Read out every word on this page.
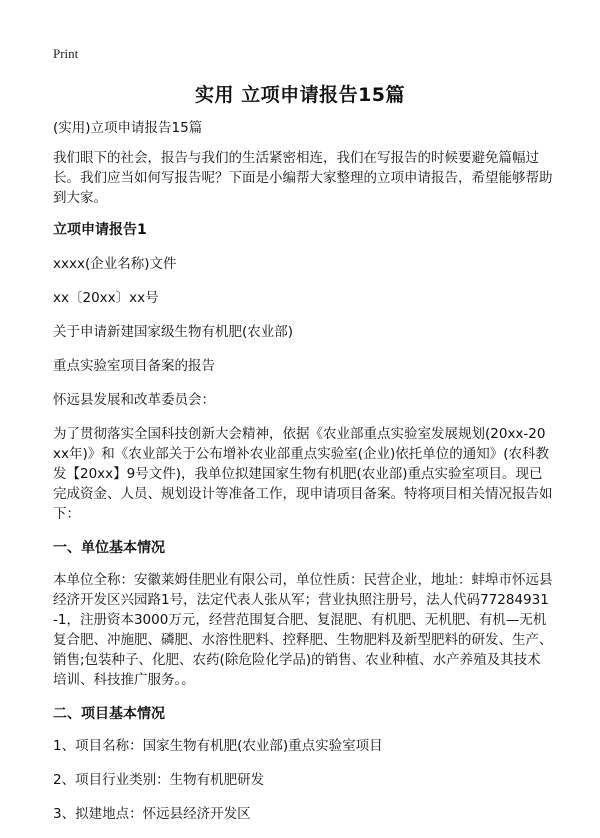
Print
实用 立项申请报告15篇
(实用)立项申请报告15篇
我们眼下的社会，报告与我们的生活紧密相连，我们在写报告的时候要避免篇幅过长。我们应当如何写报告呢？下面是小编帮大家整理的立项申请报告，希望能够帮助到大家。
立项申请报告1
xxxx(企业名称)文件
xx〔20xx〕xx号
关于申请新建国家级生物有机肥(农业部)
重点实验室项目备案的报告
怀远县发展和改革委员会：
为了贯彻落实全国科技创新大会精神，依据《农业部重点实验室发展规划(20xx-20xx年)》和《农业部关于公布增补农业部重点实验室(企业)依托单位的通知》(农科教发【20xx】9号文件)，我单位拟建国家生物有机肥(农业部)重点实验室项目。现已完成资金、人员、规划设计等准备工作，现申请项目备案。特将项目相关情况报告如下：
一、单位基本情况
本单位全称：安徽莱姆佳肥业有限公司，单位性质：民营企业，地址：蚌埠市怀远县经济开发区兴园路1号，法定代表人张从军；营业执照注册号，法人代码77284931-1，注册资本3000万元，经营范围复合肥、复混肥、有机肥、无机肥、有机—无机复合肥、冲施肥、磷肥、水溶性肥料、控释肥、生物肥料及新型肥料的研发、生产、销售;包装种子、化肥、农药(除危险化学品)的销售、农业种植、水产养殖及其技术培训、科技推广服务。。
二、项目基本情况
1、项目名称：国家生物有机肥(农业部)重点实验室项目
2、项目行业类别：生物有机肥研发
3、拟建地点：怀远县经济开发区
